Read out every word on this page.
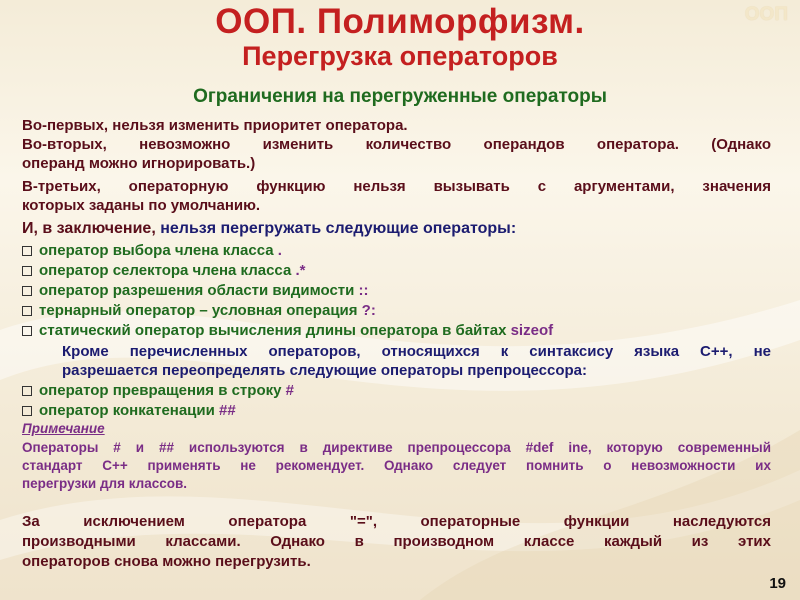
ООП
ООП. Полиморфизм.
Перегрузка операторов
Ограничения на перегруженные операторы
Во-первых, нельзя изменить приоритет оператора.
Во-вторых, невозможно изменить количество операндов оператора. (Однако
операнд можно игнорировать.)
В-третьих, операторную функцию нельзя вызывать с аргументами, значения
которых заданы по умолчанию.
И, в заключение, нельзя перегружать следующие операторы:
оператор выбора члена класса .
оператор селектора члена класса .*
оператор разрешения области видимости ::
тернарный оператор – условная операция ?:
статический оператор вычисления длины оператора в байтах sizeof
Кроме перечисленных операторов, относящихся к синтаксису языка С++, не
разрешается переопределять следующие операторы препроцессора:
оператор превращения в строку #
оператор конкатенации ##
Примечание
Операторы # и ## используются в директиве препроцессора #def ine, которую современный
стандарт С++ применять не рекомендует. Однако следует помнить о невозможности их
перегрузки для классов.
За исключением оператора "=", операторные функции наследуются
производными классами. Однако в производном классе каждый из этих
операторов снова можно перегрузить.
19
